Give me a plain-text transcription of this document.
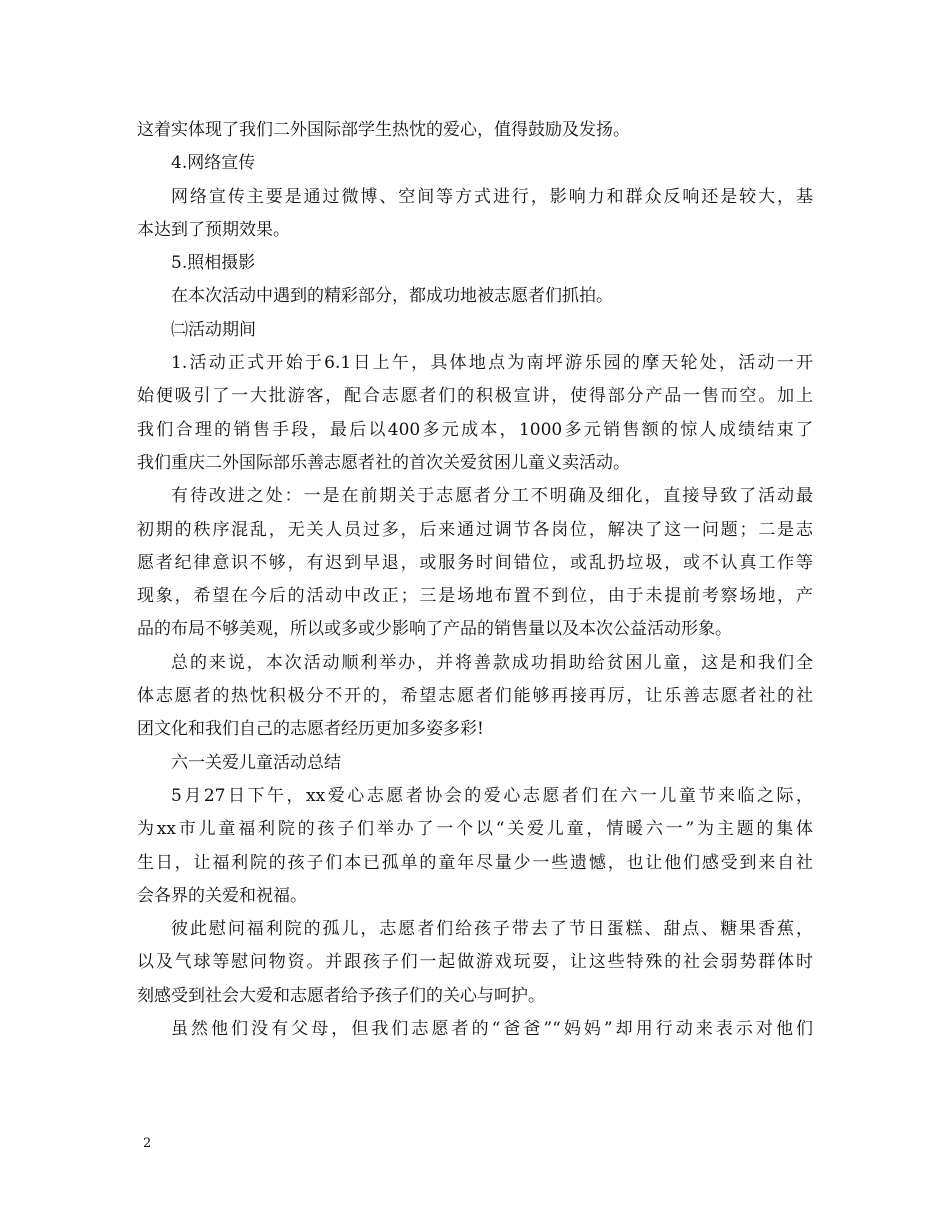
这着实体现了我们二外国际部学生热忱的爱心，值得鼓励及发扬。
4.网络宣传
网络宣传主要是通过微博、空间等方式进行，影响力和群众反响还是较大，基
本达到了预期效果。
5.照相摄影
在本次活动中遇到的精彩部分，都成功地被志愿者们抓拍。
㈡活动期间
1.活动正式开始于6.1日上午，具体地点为南坪游乐园的摩天轮处，活动一开
始便吸引了一大批游客，配合志愿者们的积极宣讲，使得部分产品一售而空。加上
我们合理的销售手段，最后以400多元成本，1000多元销售额的惊人成绩结束了
我们重庆二外国际部乐善志愿者社的首次关爱贫困儿童义卖活动。
有待改进之处：一是在前期关于志愿者分工不明确及细化，直接导致了活动最
初期的秩序混乱，无关人员过多，后来通过调节各岗位，解决了这一问题；二是志
愿者纪律意识不够，有迟到早退，或服务时间错位，或乱扔垃圾，或不认真工作等
现象，希望在今后的活动中改正；三是场地布置不到位，由于未提前考察场地，产
品的布局不够美观，所以或多或少影响了产品的销售量以及本次公益活动形象。
总的来说，本次活动顺利举办，并将善款成功捐助给贫困儿童，这是和我们全
体志愿者的热忱积极分不开的，希望志愿者们能够再接再厉，让乐善志愿者社的社
团文化和我们自己的志愿者经历更加多姿多彩!
六一关爱儿童活动总结
5月27日下午，xx爱心志愿者协会的爱心志愿者们在六一儿童节来临之际，
为xx市儿童福利院的孩子们举办了一个以“关爱儿童，情暖六一”为主题的集体
生日，让福利院的孩子们本已孤单的童年尽量少一些遗憾，也让他们感受到来自社
会各界的关爱和祝福。
彼此慰问福利院的孤儿，志愿者们给孩子带去了节日蛋糕、甜点、糖果香蕉，
以及气球等慰问物资。并跟孩子们一起做游戏玩耍，让这些特殊的社会弱势群体时
刻感受到社会大爱和志愿者给予孩子们的关心与呵护。
虽然他们没有父母，但我们志愿者的“爸爸”“妈妈”却用行动来表示对他们
2
